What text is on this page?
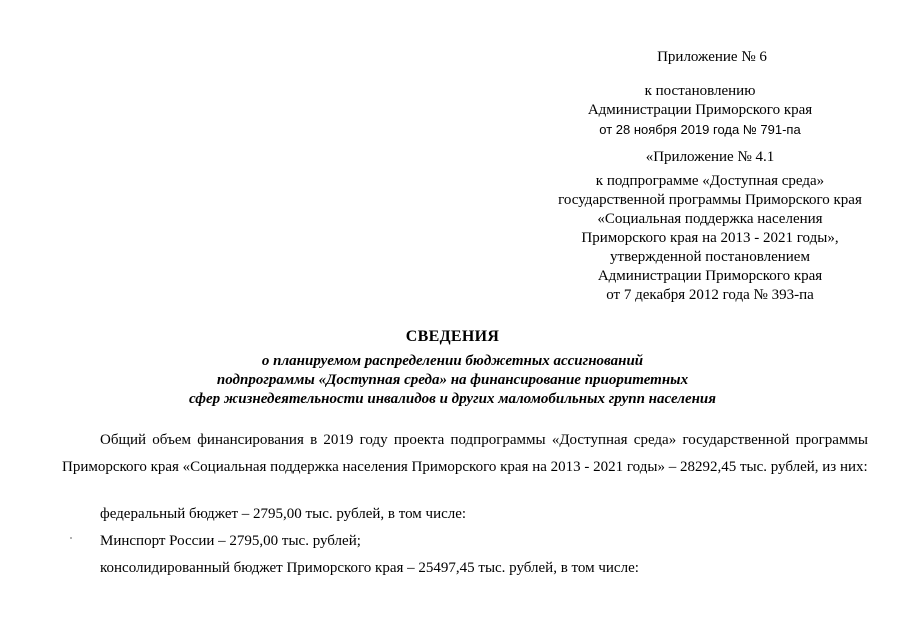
Приложение № 6
к постановлению
Администрации Приморского края
от 28 ноября 2019 года № 791-па
«Приложение № 4.1
к подпрограмме «Доступная среда»
государственной программы Приморского края
«Социальная поддержка населения
Приморского края на 2013 - 2021 годы»,
утвержденной постановлением
Администрации Приморского края
от 7 декабря 2012 года № 393-па
СВЕДЕНИЯ
о планируемом распределении бюджетных ассигнований
подпрограммы «Доступная среда» на финансирование приоритетных
сфер жизнедеятельности инвалидов и других маломобильных групп населения
Общий объем финансирования в 2019 году проекта подпрограммы «Доступная среда» государственной программы Приморского края «Социальная поддержка населения Приморского края на 2013 - 2021 годы» – 28292,45 тыс. рублей, из них:
федеральный бюджет – 2795,00 тыс. рублей, в том числе:
Минспорт России – 2795,00 тыс. рублей;
консолидированный бюджет Приморского края – 25497,45 тыс. рублей, в том числе:
